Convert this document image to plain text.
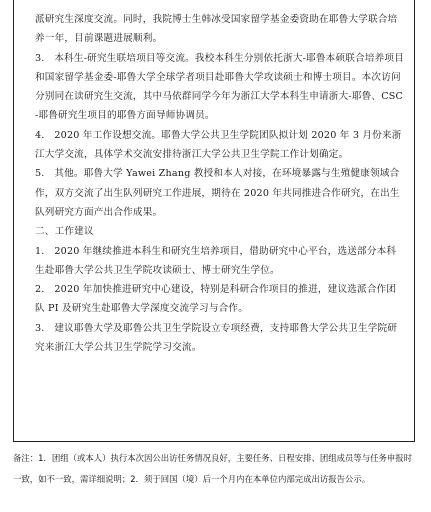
派研究生深度交流。同时，我院博士生韩冰受国家留学基金委资助在耶鲁大学联合培养一年，目前课题进展顺利。

3.　本科生-研究生联培项目等交流。我校本科生分别依托浙大-耶鲁本硕联合培养项目和国家留学基金委-耶鲁大学全球学者项目赴耶鲁大学攻读硕士和博士项目。本次访问分别同在读研究生交流，其中马依群同学今年为浙江大学本科生申请浙大-耶鲁、CSC-耶鲁研究生项目的耶鲁方面导师协调员。

4.　2020 年工作设想交流。耶鲁大学公共卫生学院团队拟计划 2020 年 3 月份来浙江大学交流，具体学术交流安排待浙江大学公共卫生学院工作计划确定。

5.　其他。耶鲁大学 Yawei Zhang 教授和本人对接，在环境暴露与生殖健康领域合作，双方交流了出生队列研究工作进展，期待在 2020 年共同推进合作研究，在出生队列研究方面产出合作成果。

二、工作建议

1.　2020 年继续推进本科生和研究生培养项目，借助研究中心平台，选送部分本科生赴耶鲁大学公共卫生学院攻读硕士、博士研究生学位。

2.　2020 年加快推进研究中心建设，特别是科研合作项目的推进，建议选派合作团队 PI 及研究生赴耶鲁大学深度交流学习与合作。

3.　建议耶鲁大学及耶鲁公共卫生学院设立专项经费，支持耶鲁大学公共卫生学院研究来浙江大学公共卫生学院学习交流。

备注：1．团组（或本人）执行本次因公出访任务情况良好，主要任务、日程安排、团组成员等与任务申报时一致，如不一致，需详细说明；2．须于回国（境）后一个月内在本单位内部完成出访报告公示。
